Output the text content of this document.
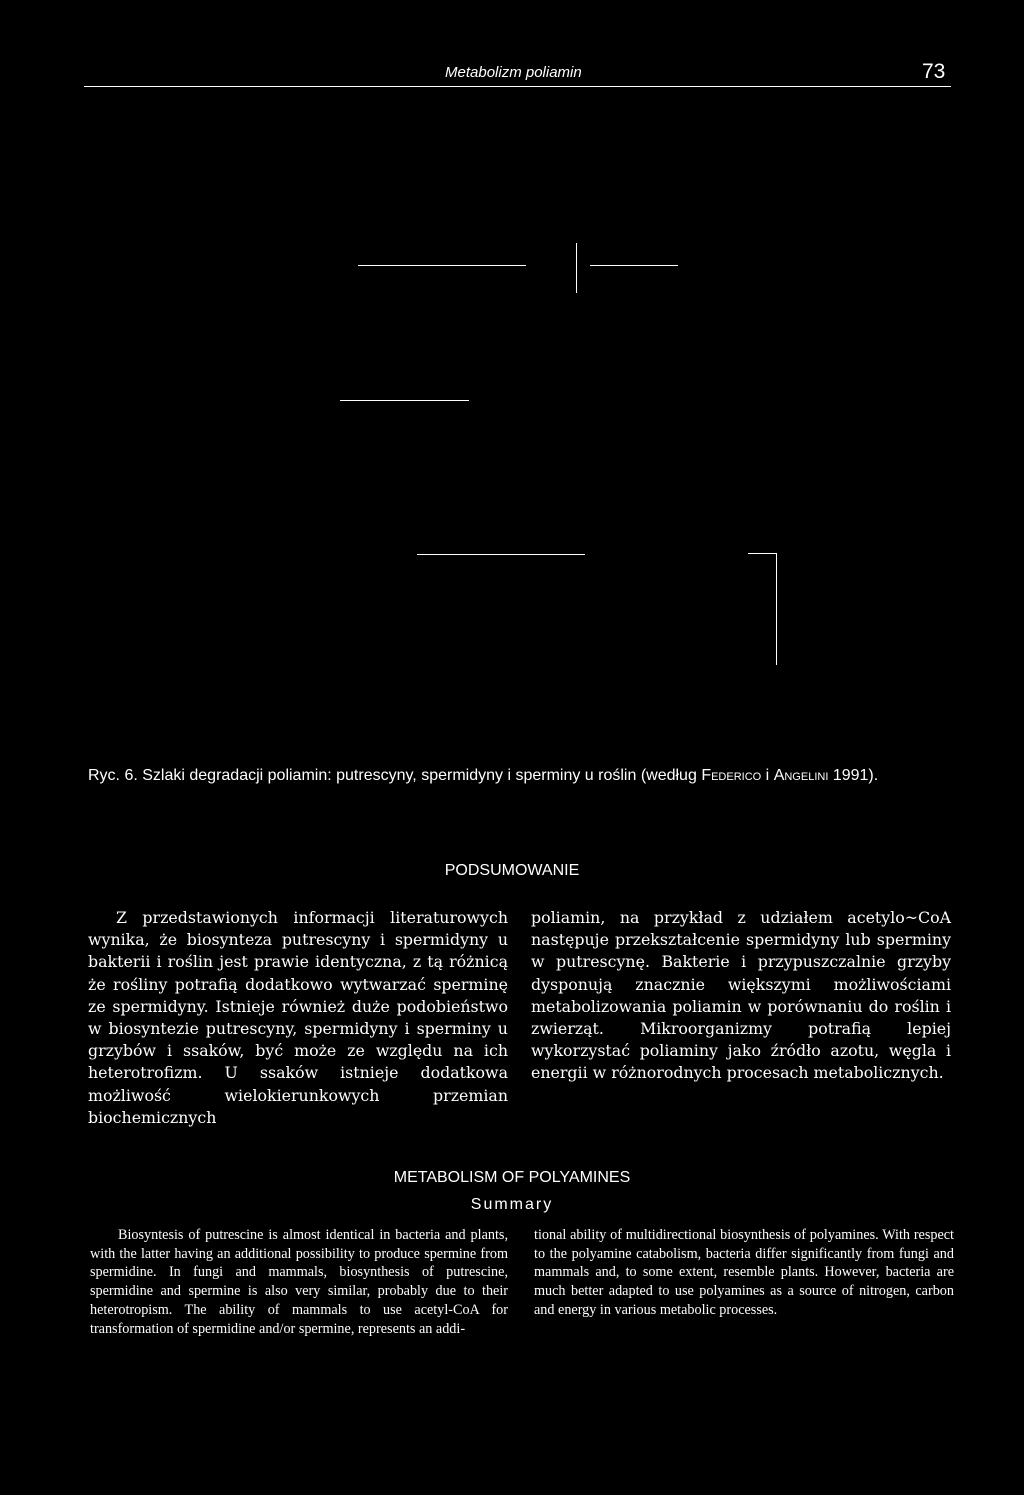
Metabolizm poliamin	73
Ryc. 6. Szlaki degradacji poliamin: putrescyny, spermidyny i sperminy u roślin (według Federico i Angelini 1991).
PODSUMOWANIE
Z przedstawionych informacji literaturowych wynika, że biosynteza putrescyny i spermidyny u bakterii i roślin jest prawie identyczna, z tą różnicą że rośliny potrafią dodatkowo wytwarzać sperminę ze spermidyny. Istnieje również duże podobieństwo w biosyntezie putrescyny, spermidyny i sperminy u grzybów i ssaków, być może ze względu na ich heterotrofizm. U ssaków istnieje dodatkowa możliwość wielokierunkowych przemian biochemicznych
poliamin, na przykład z udziałem acetylo~CoA następuje przekształcenie spermidyny lub sperminy w putrescynę. Bakterie i przypuszczalnie grzyby dysponują znacznie większymi możliwościami metabolizowania poliamin w porównaniu do roślin i zwierząt. Mikroorganizmy potrafią lepiej wykorzystać poliaminy jako źródło azotu, węgla i energii w różnorodnych procesach metabolicznych.
METABOLISM OF POLYAMINES
Summary
Biosyntesis of putrescine is almost identical in bacteria and plants, with the latter having an additional possibility to produce spermine from spermidine. In fungi and mammals, biosynthesis of putrescine, spermidine and spermine is also very similar, probably due to their heterotropism. The ability of mammals to use acetyl-CoA for transformation of spermidine and/or spermine, represents an addi-
tional ability of multidirectional biosynthesis of polyamines. With respect to the polyamine catabolism, bacteria differ significantly from fungi and mammals and, to some extent, resemble plants. However, bacteria are much better adapted to use polyamines as a source of nitrogen, carbon and energy in various metabolic processes.
